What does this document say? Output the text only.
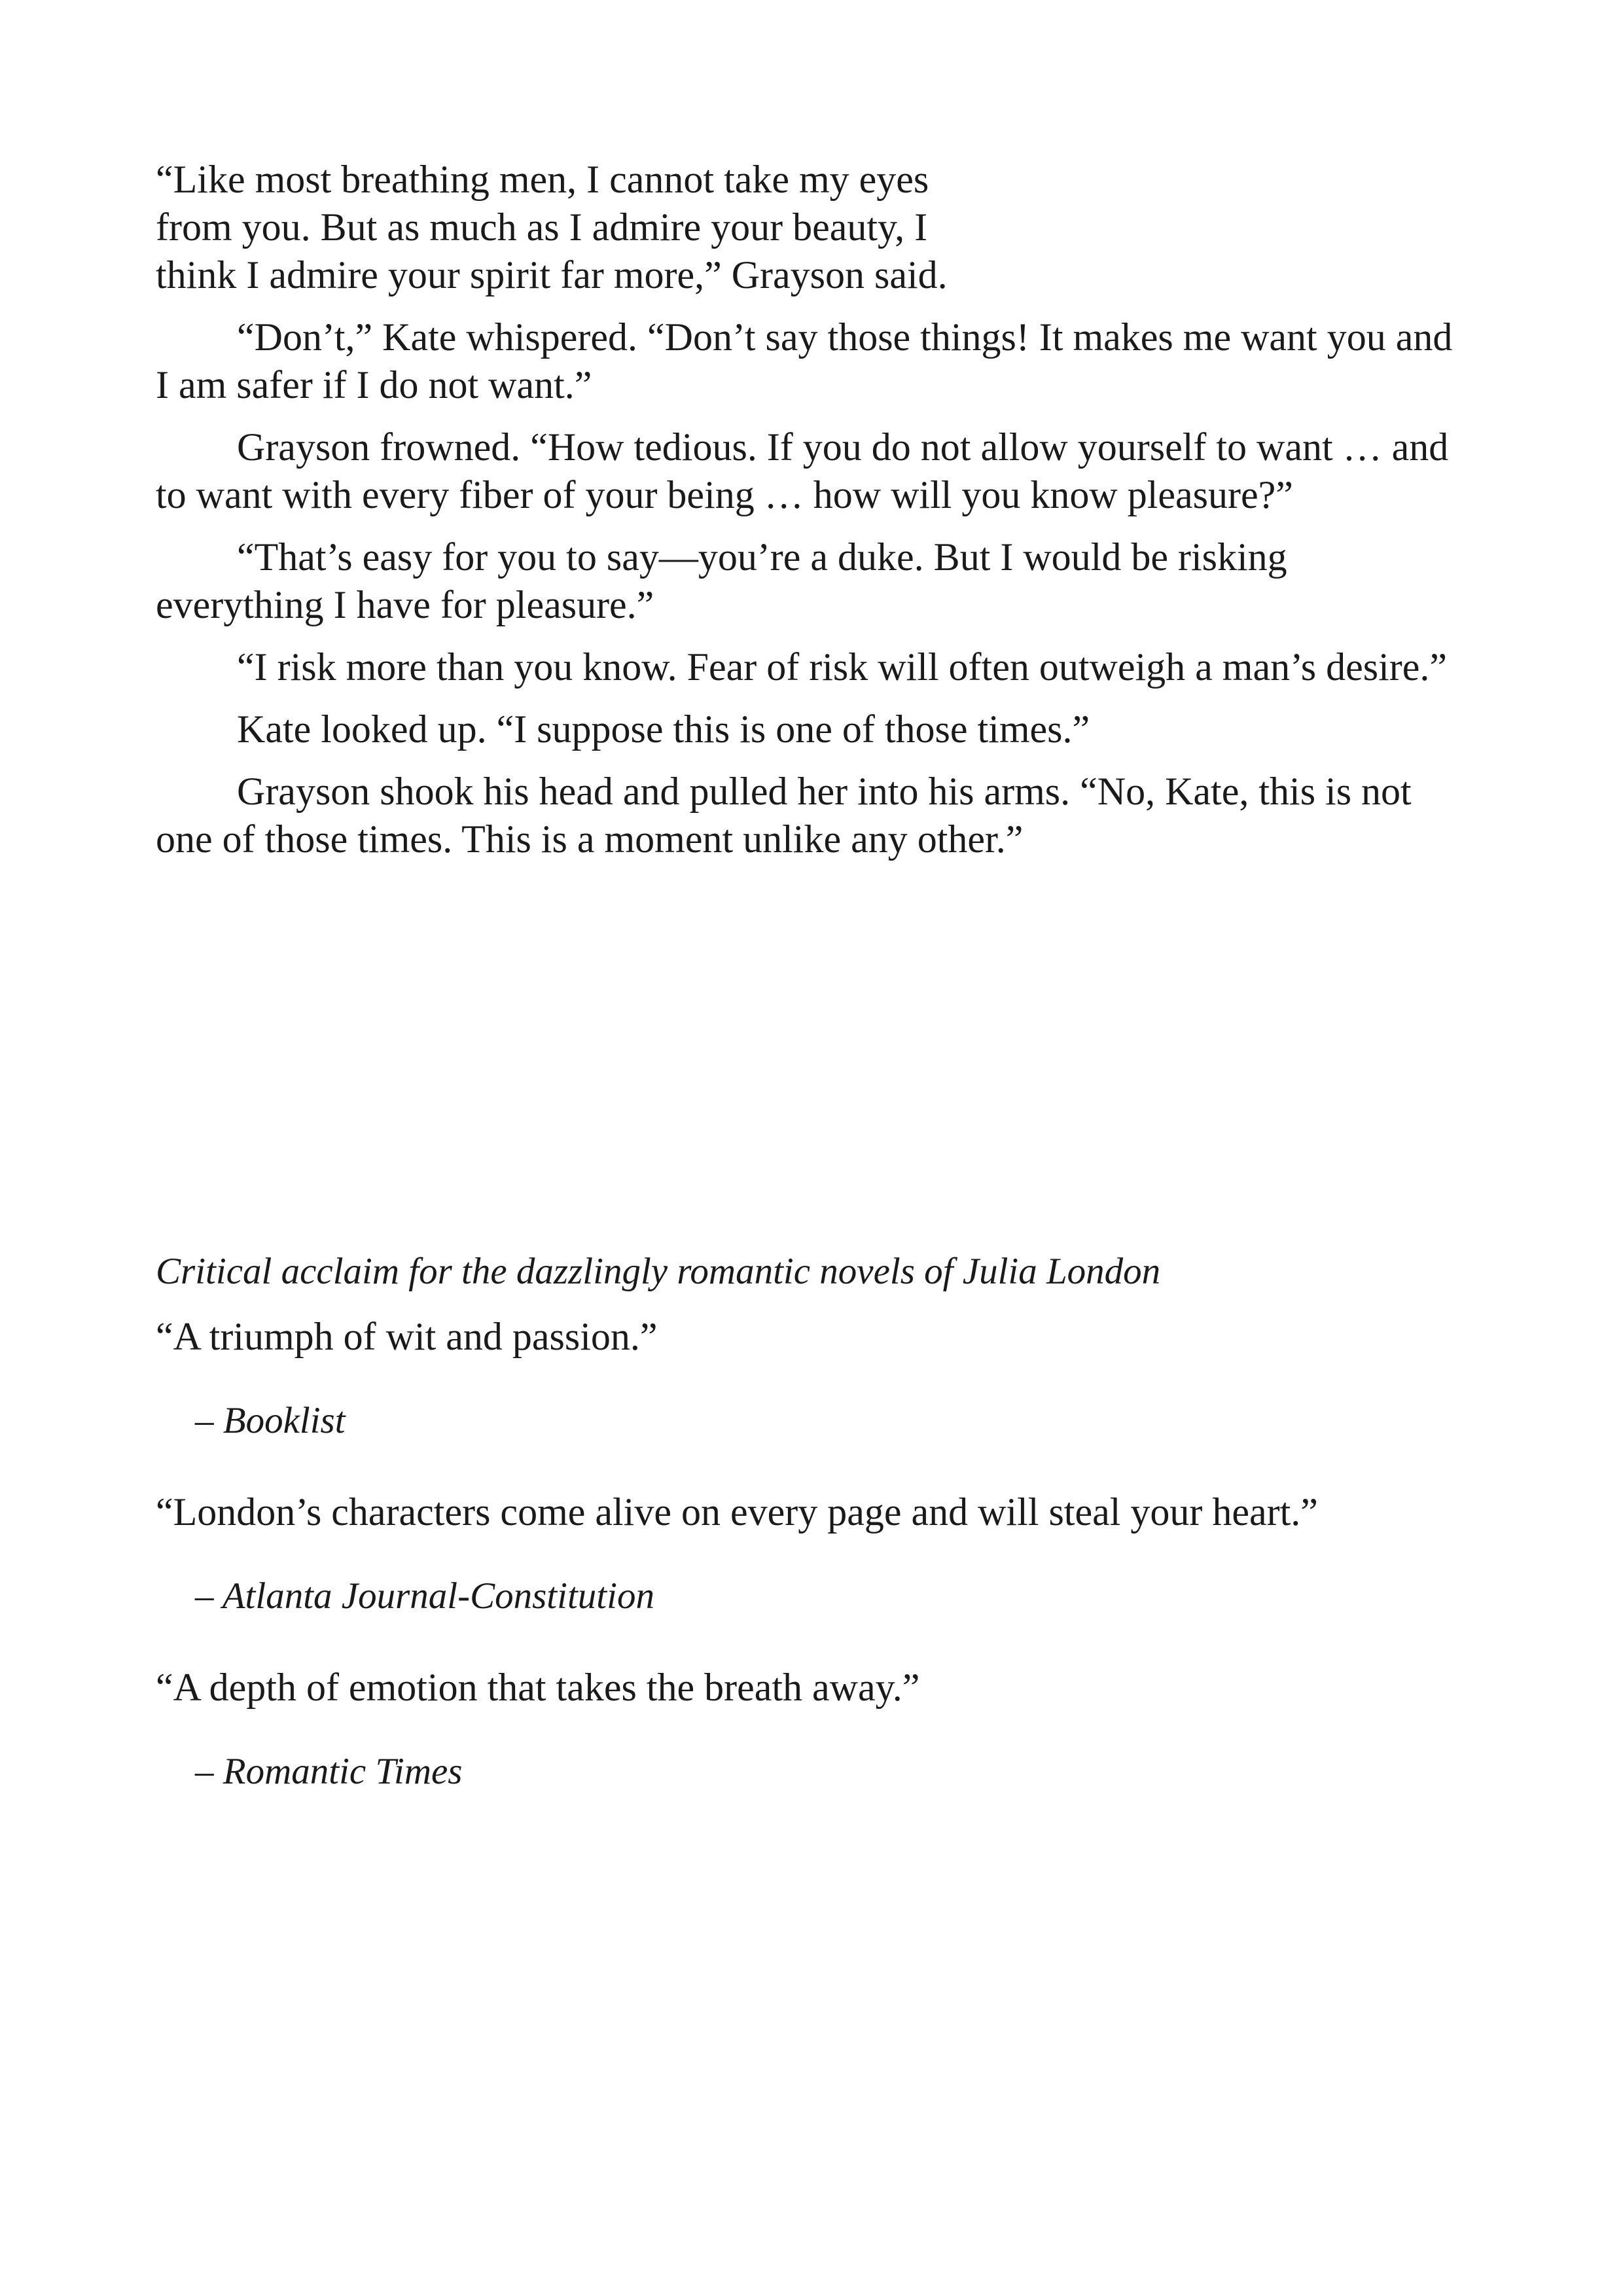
“Like most breathing men, I cannot take my eyes from you. But as much as I admire your beauty, I think I admire your spirit far more,” Grayson said.

“Don’t,” Kate whispered. “Don’t say those things! It makes me want you and I am safer if I do not want.”

Grayson frowned. “How tedious. If you do not allow yourself to want … and to want with every fiber of your being … how will you know pleasure?”

“That’s easy for you to say—you’re a duke. But I would be risking everything I have for pleasure.”

“I risk more than you know. Fear of risk will often outweigh a man’s desire.”

Kate looked up. “I suppose this is one of those times.”

Grayson shook his head and pulled her into his arms. “No, Kate, this is not one of those times. This is a moment unlike any other.”

Critical acclaim for the dazzlingly romantic novels of Julia London

“A triumph of wit and passion.”

– Booklist

“London’s characters come alive on every page and will steal your heart.”

– Atlanta Journal-Constitution

“A depth of emotion that takes the breath away.”

– Romantic Times
